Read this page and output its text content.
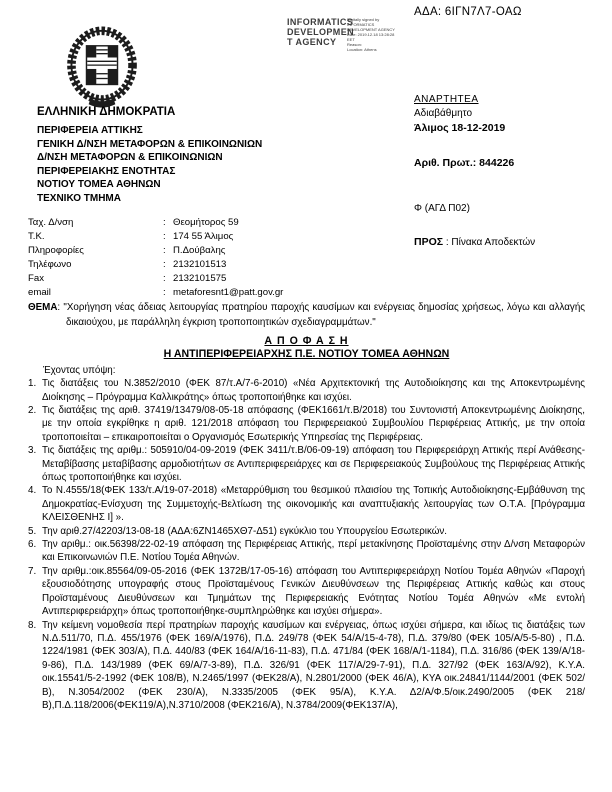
ΑΔΑ: 6ΙΓΝ7Λ7-ΟΑΩ
INFORMATICS
DEVELOPMEN
T AGENCY
Digitally signed by
INFORMATICS
DEVELOPMENT AGENCY
Date: 2019.12.18 13:28:28
EET
Reason:
Location: Athens
ΕΛΛΗΝΙΚΗ ΔΗΜΟΚΡΑΤΙΑ
ΠΕΡΙΦΕΡΕΙΑ ΑΤΤΙΚΗΣ
ΓΕΝΙΚΗ Δ/ΝΣΗ ΜΕΤΑΦΟΡΩΝ & ΕΠΙΚΟΙΝΩΝΙΩΝ
Δ/ΝΣΗ ΜΕΤΑΦΟΡΩΝ & ΕΠΙΚΟΙΝΩΝΙΩΝ
ΠΕΡΙΦΕΡΕΙΑΚΗΣ ΕΝΟΤΗΤΑΣ
ΝΟΤΙΟΥ ΤΟΜΕΑ ΑΘΗΝΩΝ
ΤΕΧΝΙΚΟ ΤΜΗΜΑ
ΑΝΑΡΤΗΤΕΑ
Αδιαβάθμητο
Άλιμος 18-12-2019
Αριθ. Πρωτ.: 844226
Φ (ΑΓΔ Π02)
ΠΡΟΣ : Πίνακα Αποδεκτών
Ταχ. Δ/νση	: Θεομήτορος 59
Τ.Κ.	: 174 55 Άλιμος
Πληροφορίες	: Π.Δούβαλης
Τηλέφωνο	: 2132101513
Fax	: 2132101575
email	: metaforesnt1@patt.gov.gr
ΘΕΜΑ: "Χορήγηση νέας άδειας λειτουργίας πρατηρίου παροχής καυσίμων και ενέργειας δημοσίας χρήσεως, λόγω και αλλαγής δικαιούχου, με παράλληλη έγκριση τροποποιητικών σχεδιαγραμμάτων."
Α Π Ο Φ Α Σ Η
Η ΑΝΤΙΠΕΡΙΦΕΡΕΙΑΡΧΗΣ Π.Ε. ΝΟΤΙΟΥ ΤΟΜΕΑ ΑΘΗΝΩΝ
Έχοντας υπόψη:
1. Τις διατάξεις του Ν.3852/2010 (ΦΕΚ 87/τ.Α/7-6-2010) «Νέα Αρχιτεκτονική της Αυτοδιοίκησης και της Αποκεντρωμένης Διοίκησης – Πρόγραμμα Καλλικράτης» όπως τροποποιήθηκε και ισχύει.
2. Τις διατάξεις της αριθ. 37419/13479/08-05-18 απόφασης (ΦΕΚ1661/τ.Β/2018) του Συντονιστή Αποκεντρωμένης Διοίκησης, με την οποία εγκρίθηκε η αριθ. 121/2018 απόφαση του Περιφερειακού Συμβουλίου Περιφέρειας Αττικής, με την οποία τροποποιείται – επικαιροποιείται ο Οργανισμός Εσωτερικής Υπηρεσίας της Περιφέρειας.
3. Τις διατάξεις της αριθμ.: 505910/04-09-2019 (ΦΕΚ 3411/τ.Β/06-09-19) απόφαση του Περιφερειάρχη Αττικής περί Ανάθεσης-Μεταβίβασης μεταβίβασης αρμοδιοτήτων σε Αντιπεριφερειάρχες και σε Περιφερειακούς Συμβούλους της Περιφέρειας Αττικής όπως τροποποιήθηκε και ισχύει.
4. Το Ν.4555/18(ΦΕΚ 133/τ.Α/19-07-2018) «Μεταρρύθμιση του θεσμικού πλαισίου της Τοπικής Αυτοδιοίκησης-Εμβάθυνση της Δημοκρατίας-Ενίσχυση της Συμμετοχής-Βελτίωση της οικονομικής και αναπτυξιακής λειτουργίας των Ο.Τ.Α. [Πρόγραμμα ΚΛΕΙΣΘΕΝΗΣ Ι] ».
5. Την αριθ.27/42203/13-08-18 (ΑΔΑ:6ΖΝ1465ΧΘ7-Δ51) εγκύκλιο του Υπουργείου Εσωτερικών.
6. Την αριθμ.: οικ.56398/22-02-19 απόφαση της Περιφέρειας Αττικής, περί μετακίνησης Προϊσταμένης στην Δ/νση Μεταφορών και Επικοινωνιών Π.Ε. Νοτίου Τομέα Αθηνών.
7. Την αριθμ.:οικ.85564/09-05-2016 (ΦΕΚ 1372Β/17-05-16) απόφαση του Αντιπεριφερειάρχη Νοτίου Τομέα Αθηνών «Παροχή εξουσιοδότησης υπογραφής στους Προϊσταμένους Γενικών Διευθύνσεων της Περιφέρειας Αττικής καθώς και στους Προϊσταμένους Διευθύνσεων και Τμημάτων της Περιφερειακής Ενότητας Νοτίου Τομέα Αθηνών «Με εντολή Αντιπεριφερειάρχη» όπως τροποποιήθηκε-συμπληρώθηκε και ισχύει σήμερα».
8. Την κείμενη νομοθεσία περί πρατηρίων παροχής καυσίμων και ενέργειας, όπως ισχύει σήμερα, και ιδίως τις διατάξεις των Ν.Δ.511/70, Π.Δ. 455/1976 (ΦΕΚ 169/Α/1976), Π.Δ. 249/78 (ΦΕΚ 54/Α/15-4-78), Π.Δ. 379/80 (ΦΕΚ 105/Α/5-5-80) , Π.Δ. 1224/1981 (ΦΕΚ 303/Α), Π.Δ. 440/83 (ΦΕΚ 164/Α/16-11-83), Π.Δ. 471/84 (ΦΕΚ 168/Α/1-1184), Π.Δ. 316/86 (ΦΕΚ 139/Α/18-9-86), Π.Δ. 143/1989 (ΦΕΚ 69/Α/7-3-89), Π.Δ. 326/91 (ΦΕΚ 117/Α/29-7-91), Π.Δ. 327/92 (ΦΕΚ 163/Α/92), Κ.Υ.Α. οικ.15541/5-2-1992 (ΦΕΚ 108/Β), Ν.2465/1997 (ΦΕΚ28/Α), Ν.2801/2000 (ΦΕΚ 46/Α), ΚΥΑ οικ.24841/1144/2001 (ΦΕΚ 502/Β), Ν.3054/2002 (ΦΕΚ 230/Α), Ν.3335/2005 (ΦΕΚ 95/Α), Κ.Υ.Α. Δ2/Α/Φ.5/οικ.2490/2005 (ΦΕΚ 218/Β),Π.Δ.118/2006(ΦΕΚ119/Α),Ν.3710/2008 (ΦΕΚ216/Α), Ν.3784/2009(ΦΕΚ137/Α),
